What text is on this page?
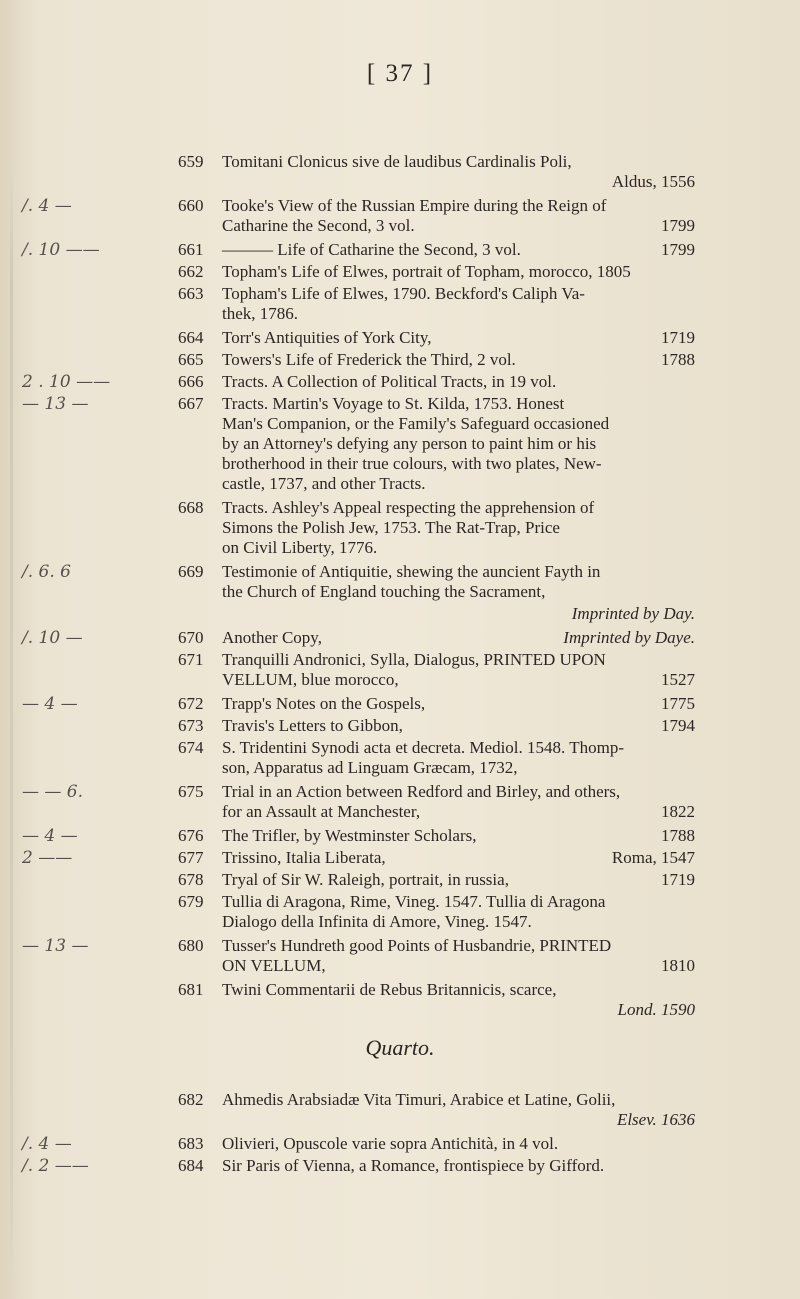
[ 37 ]
659 Tomitani Clonicus sive de laudibus Cardinalis Poli,
Aldus, 1556
/. 4 —	660 Tooke's View of the Russian Empire during the Reign of
Catharine the Second, 3 vol.	1799
/. 10 ——	661 ——— Life of Catharine the Second, 3 vol.	1799
662 Topham's Life of Elwes, portrait of Topham, morocco, 1805
663 Topham's Life of Elwes, 1790. Beckford's Caliph Va-
thek, 1786.
664 Torr's Antiquities of York City,	1719
665 Towers's Life of Frederick the Third, 2 vol.	1788
2 . 10 ——	666 Tracts. A Collection of Political Tracts, in 19 vol.
— 13 —	667 Tracts. Martin's Voyage to St. Kilda, 1753. Honest
Man's Companion, or the Family's Safeguard occasioned
by an Attorney's defying any person to paint him or his
brotherhood in their true colours, with two plates, New-
castle, 1737, and other Tracts.
668 Tracts. Ashley's Appeal respecting the apprehension of
Simons the Polish Jew, 1753. The Rat-Trap, Price
on Civil Liberty, 1776.
/. 6. 6	669 Testimonie of Antiquitie, shewing the auncient Fayth in
the Church of England touching the Sacrament,
Imprinted by Day.
/. 10 —	670 Another Copy,	Imprinted by Daye.
671 Tranquilli Andronici, Sylla, Dialogus, PRINTED UPON
VELLUM, blue morocco,	1527
— 4 —	672 Trapp's Notes on the Gospels,	1775
673 Travis's Letters to Gibbon,	1794
674 S. Tridentini Synodi acta et decreta. Mediol. 1548. Thomp-
son, Apparatus ad Linguam Græcam, 1732,
— — 6.	675 Trial in an Action between Redford and Birley, and others,
for an Assault at Manchester,	1822
— 4 —	676 The Trifler, by Westminster Scholars,	1788
2 ——	677 Trissino, Italia Liberata,	Roma, 1547
678 Tryal of Sir W. Raleigh, portrait, in russia,	1719
679 Tullia di Aragona, Rime, Vineg. 1547. Tullia di Aragona
Dialogo della Infinita di Amore, Vineg. 1547.
— 13 —	680 Tusser's Hundreth good Points of Husbandrie, PRINTED
ON VELLUM,	1810
681 Twini Commentarii de Rebus Britannicis, scarce,
Lond. 1590
Quarto.
682 Ahmedis Arabsiadæ Vita Timuri, Arabice et Latine, Golii,
Elsev. 1636
/. 4 —	683 Olivieri, Opuscole varie sopra Antichità, in 4 vol.
/. 2 ——	684 Sir Paris of Vienna, a Romance, frontispiece by Gifford.
